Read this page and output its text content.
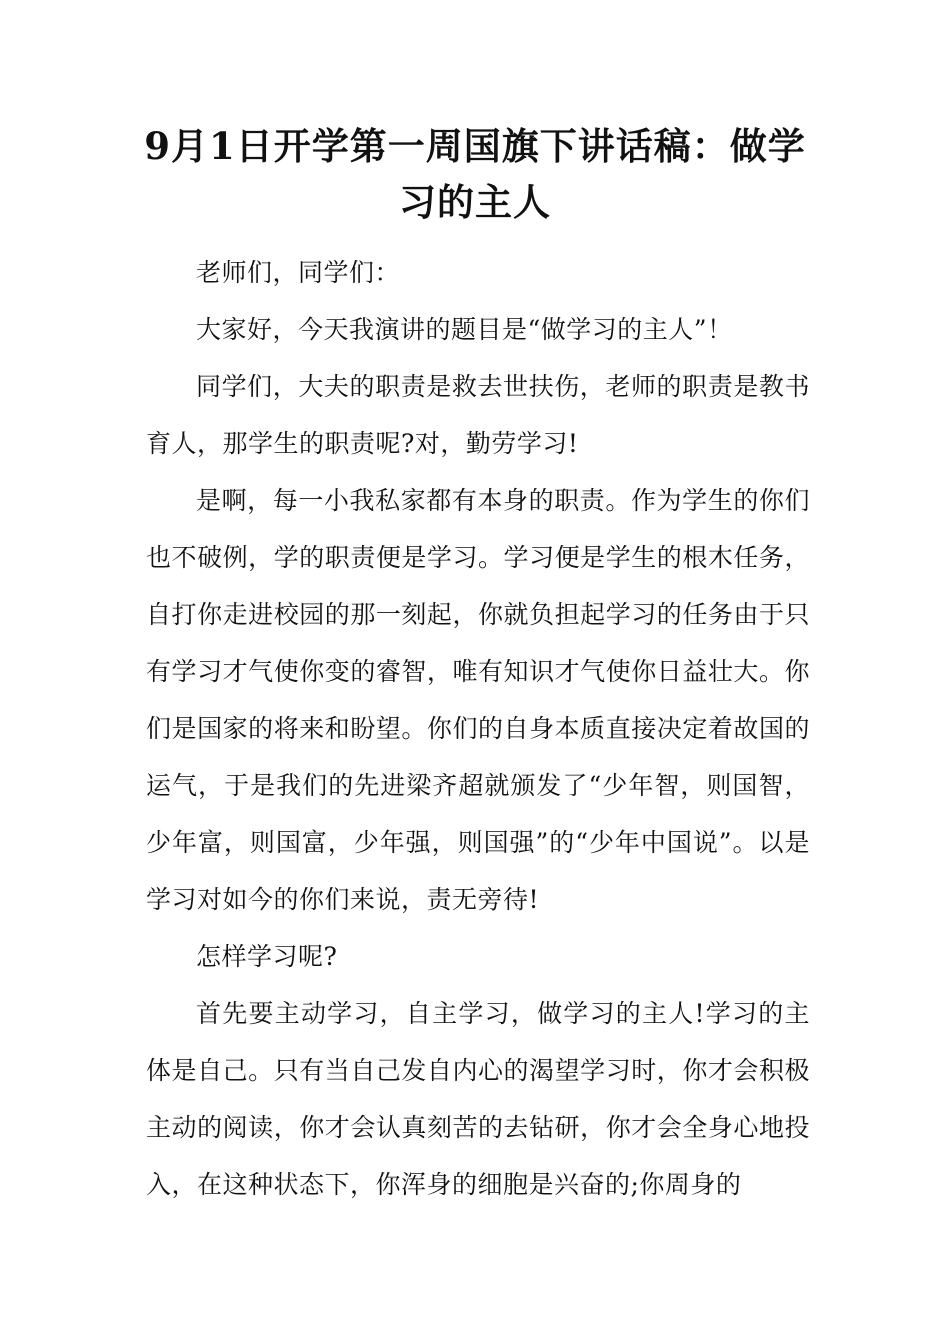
9月1日开学第一周国旗下讲话稿：做学习的主人

老师们，同学们：

大家好，今天我演讲的题目是“做学习的主人”！

同学们，大夫的职责是救去世扶伤，老师的职责是教书育人，那学生的职责呢?对，勤劳学习!

是啊，每一小我私家都有本身的职责。作为学生的你们也不破例，学的职责便是学习。学习便是学生的根木任务，自打你走进校园的那一刻起，你就负担起学习的任务由于只有学习才气使你变的睿智，唯有知识才气使你日益壮大。你们是国家的将来和盼望。你们的自身本质直接决定着故国的运气，于是我们的先进梁齐超就颁发了“少年智，则国智，少年富，则国富，少年强，则国强”的“少年中国说”。以是学习对如今的你们来说，责无旁待!

怎样学习呢?

首先要主动学习，自主学习，做学习的主人!学习的主体是自己。只有当自己发自内心的渴望学习时，你才会积极主动的阅读，你才会认真刻苦的去钻研，你才会全身心地投入，在这种状态下，你浑身的细胞是兴奋的;你周身的
